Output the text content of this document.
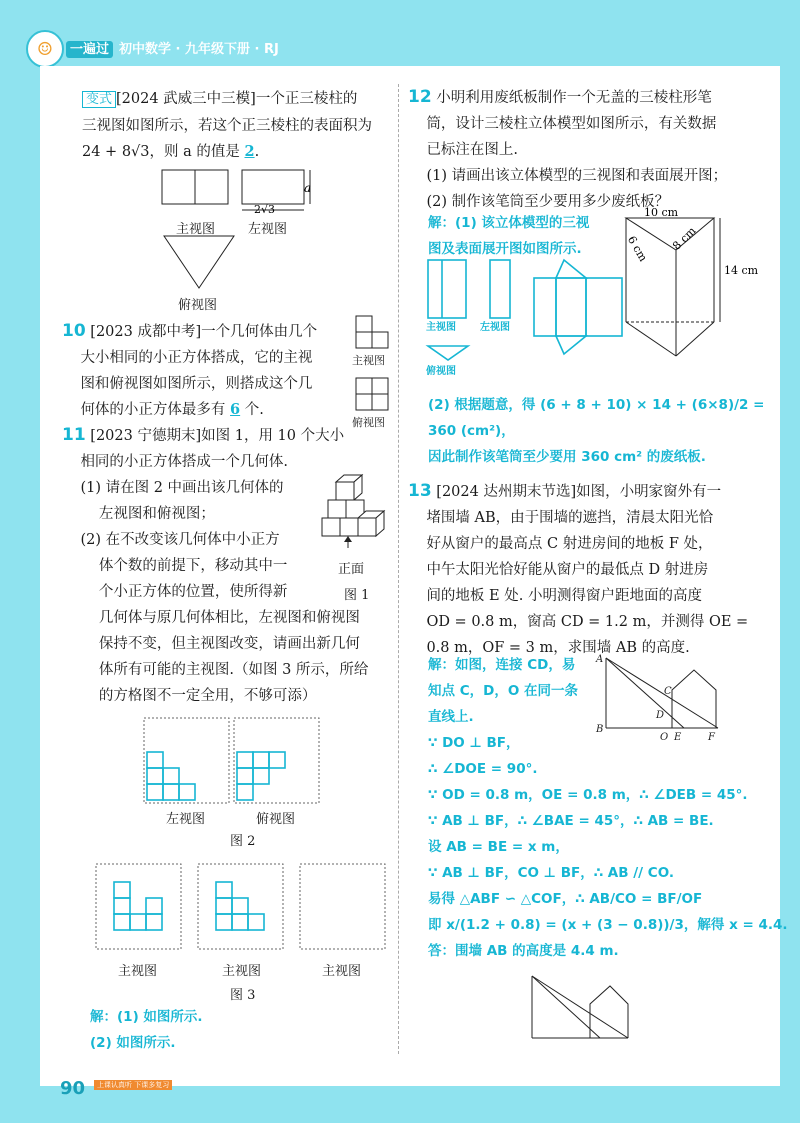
☺	一遍过 初中数学 · 九年级下册 · RJ
变式 [2024 武威三中三模]一个正三棱柱的
三视图如图所示，若这个正三棱柱的表面积为
24 + 8√3，则 a 的值是 2.
a
2√3
主视图	左视图
俯视图
10 [2023 成都中考]一个几何体由几个
大小相同的小正方体搭成，它的主视
图和俯视图如图所示，则搭成这个几
何体的小正方体最多有 6 个.
主视图
俯视图
11 [2023 宁德期末]如图 1，用 10 个大小
相同的小正方体搭成一个几何体.
(1) 请在图 2 中画出该几何体的
左视图和俯视图；
(2) 在不改变该几何体中小正方
体个数的前提下，移动其中一
个小正方体的位置，使所得新
几何体与原几何体相比，左视图和俯视图
保持不变，但主视图改变，请画出新几何
体所有可能的主视图.（如图 3 所示，所给
的方格图不一定全用，不够可添）
正面
图 1
左视图	俯视图
图 2
主视图	主视图	主视图
图 3
解：(1) 如图所示.
(2) 如图所示.
12 小明利用废纸板制作一个无盖的三棱柱形笔
筒，设计三棱柱立体模型如图所示，有关数据
已标注在图上.
(1) 请画出该立体模型的三视图和表面展开图；
(2) 制作该笔筒至少要用多少废纸板？
解：(1) 该立体模型的三视
图及表面展开图如图所示.
10 cm
6 cm 8 cm
14 cm
主视图 左视图
俯视图
(2) 根据题意，得 (6 + 8 + 10) × 14 + (6×8)/2 =
360 (cm²)，
因此制作该笔筒至少要用 360 cm² 的废纸板.
13 [2024 达州期末节选]如图，小明家窗外有一
堵围墙 AB，由于围墙的遮挡，清晨太阳光恰
好从窗户的最高点 C 射进房间的地板 F 处，
中午太阳光恰好能从窗户的最低点 D 射进房
间的地板 E 处. 小明测得窗户距地面的高度
OD = 0.8 m，窗高 CD = 1.2 m，并测得 OE =
0.8 m，OF = 3 m，求围墙 AB 的高度.
解：如图，连接 CD，易
知点 C，D，O 在同一条
直线上.
∵ DO ⊥ BF，
∴ ∠DOE = 90°.
∵ OD = 0.8 m，OE = 0.8 m，∴ ∠DEB = 45°.
∵ AB ⊥ BF，∴ ∠BAE = 45°，∴ AB = BE.
设 AB = BE = x m，
∵ AB ⊥ BF，CO ⊥ BF，∴ AB // CO.
易得 △ABF ∽ △COF，∴ AB/CO = BF/OF
即 x/(1.2 + 0.8) = (x + (3 − 0.8))/3，解得 x = 4.4.
答：围墙 AB 的高度是 4.4 m.
A
B
C
D
O E	F
90	上课认真听 下课多复习
